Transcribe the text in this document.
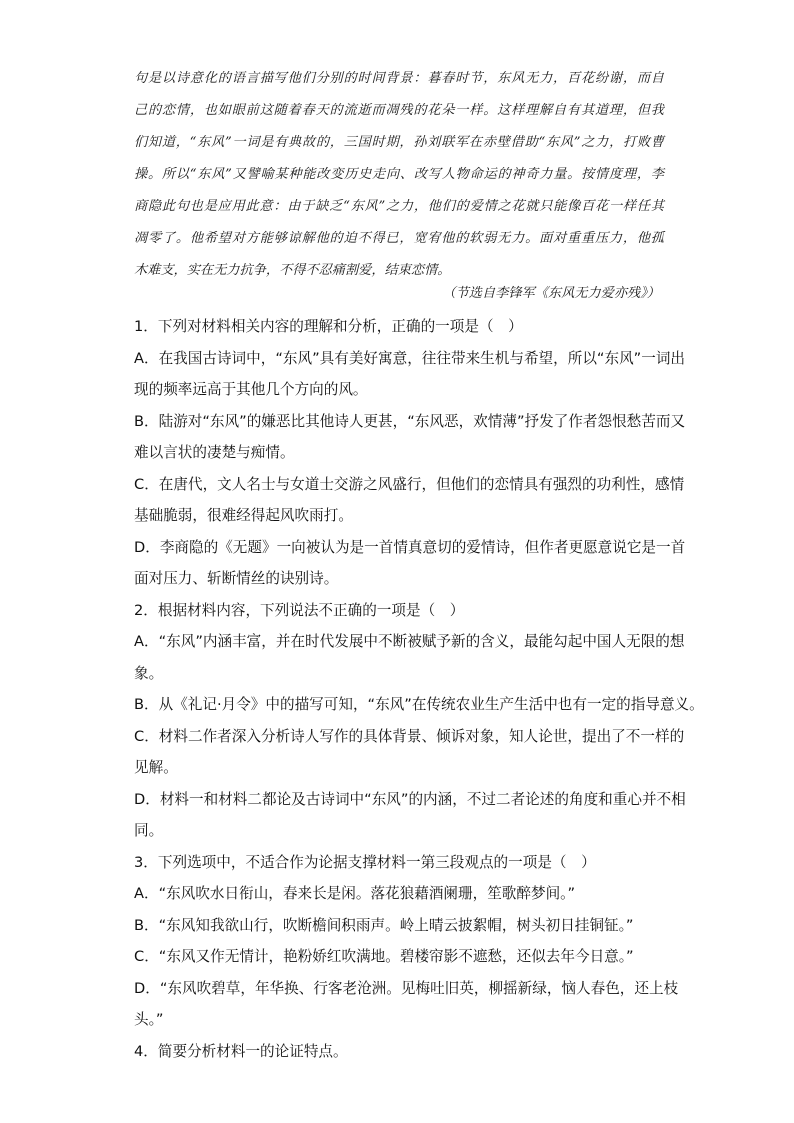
句是以诗意化的语言描写他们分别的时间背景：暮春时节，东风无力，百花纷谢，而自
己的恋情，也如眼前这随着春天的流逝而凋残的花朵一样。这样理解自有其道理，但我
们知道，“东风”一词是有典故的，三国时期，孙刘联军在赤壁借助“东风”之力，打败曹
操。所以“东风”又譬喻某种能改变历史走向、改写人物命运的神奇力量。按情度理，李
商隐此句也是应用此意：由于缺乏“东风”之力，他们的爱情之花就只能像百花一样任其
凋零了。他希望对方能够谅解他的迫不得已，宽宥他的软弱无力。面对重重压力，他孤
木难支，实在无力抗争，不得不忍痛割爱，结束恋情。
（节选自李锋军《东风无力爱亦残》）
1．下列对材料相关内容的理解和分析，正确的一项是（　）
A．在我国古诗词中，“东风”具有美好寓意，往往带来生机与希望，所以“东风”一词出
现的频率远高于其他几个方向的风。
B．陆游对“东风”的嫌恶比其他诗人更甚，“东风恶，欢情薄”抒发了作者怨恨愁苦而又
难以言状的凄楚与痴情。
C．在唐代，文人名士与女道士交游之风盛行，但他们的恋情具有强烈的功利性，感情
基础脆弱，很难经得起风吹雨打。
D．李商隐的《无题》一向被认为是一首情真意切的爱情诗，但作者更愿意说它是一首
面对压力、斩断情丝的诀别诗。
2．根据材料内容，下列说法不正确的一项是（　）
A．“东风”内涵丰富，并在时代发展中不断被赋予新的含义，最能勾起中国人无限的想
象。
B．从《礼记·月令》中的描写可知，“东风”在传统农业生产生活中也有一定的指导意义。
C．材料二作者深入分析诗人写作的具体背景、倾诉对象，知人论世，提出了不一样的
见解。
D．材料一和材料二都论及古诗词中“东风”的内涵，不过二者论述的角度和重心并不相
同。
3．下列选项中，不适合作为论据支撑材料一第三段观点的一项是（　）
A．“东风吹水日衔山，春来长是闲。落花狼藉酒阑珊，笙歌醉梦间。”
B．“东风知我欲山行，吹断檐间积雨声。岭上晴云披絮帽，树头初日挂铜钲。”
C．“东风又作无情计，艳粉娇红吹满地。碧楼帘影不遮愁，还似去年今日意。”
D．“东风吹碧草，年华换、行客老沧洲。见梅吐旧英，柳摇新绿，恼人春色，还上枝
头。”
4．简要分析材料一的论证特点。
